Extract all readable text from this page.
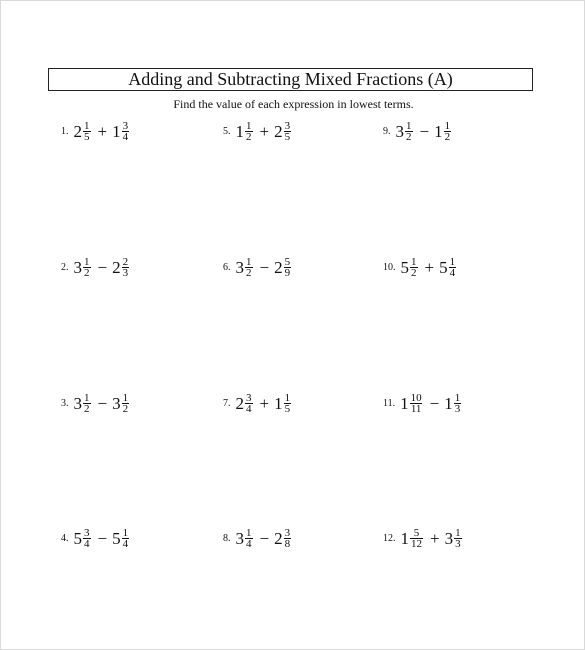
Adding and Subtracting Mixed Fractions (A)
Find the value of each expression in lowest terms.
1. $2 \frac{1}{5} + 1 \frac{3}{4}$
2. $3 \frac{1}{2} - 2 \frac{2}{3}$
3. $3 \frac{1}{2} - 3 \frac{1}{2}$
4. $5 \frac{3}{4} - 5 \frac{1}{4}$
5. $1 \frac{1}{2} + 2 \frac{3}{5}$
6. $3 \frac{1}{2} - 2 \frac{5}{9}$
7. $2 \frac{3}{4} + 1 \frac{1}{5}$
8. $3 \frac{1}{4} - 2 \frac{3}{8}$
9. $3 \frac{1}{2} - 1 \frac{1}{2}$
10. $5 \frac{1}{2} + 5 \frac{1}{4}$
11. $1 \frac{10}{11} - 1 \frac{1}{3}$
12. $1 \frac{5}{12} + 3 \frac{1}{3}$
